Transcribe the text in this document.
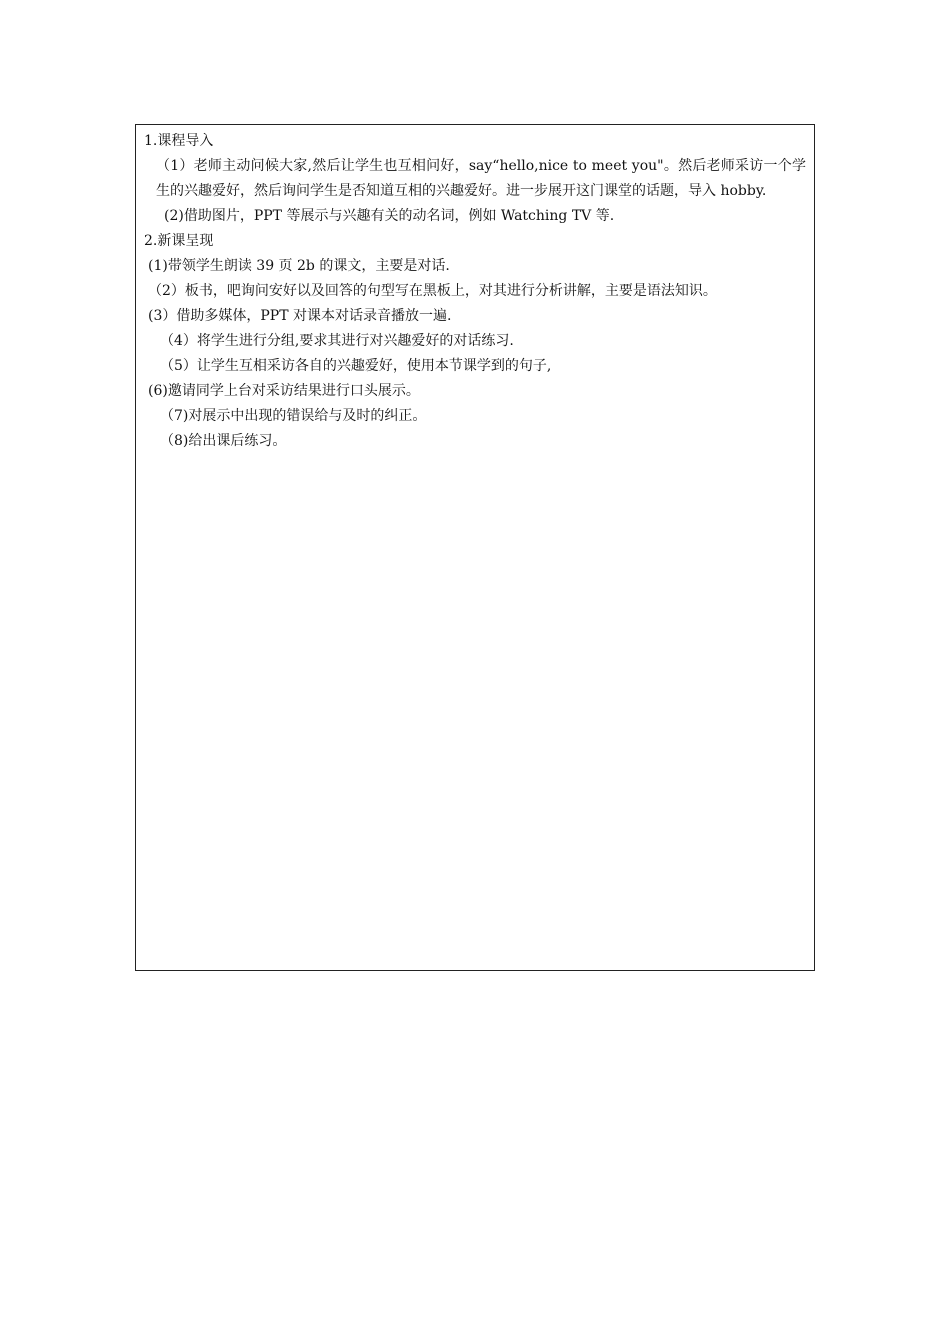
1.课程导入

（1）老师主动问候大家,然后让学生也互相问好，say“hello,nice to meet you"。然后老师采访一个学生的兴趣爱好，然后询问学生是否知道互相的兴趣爱好。进一步展开这门课堂的话题，导入 hobby.

(2)借助图片，PPT 等展示与兴趣有关的动名词，例如 Watching TV 等.

2.新课呈现

(1)带领学生朗读 39 页 2b 的课文，主要是对话.

（2）板书，吧询问安好以及回答的句型写在黑板上，对其进行分析讲解，主要是语法知识。

(3）借助多媒体，PPT 对课本对话录音播放一遍.

（4）将学生进行分组,要求其进行对兴趣爱好的对话练习.

（5）让学生互相采访各自的兴趣爱好，使用本节课学到的句子,

(6)邀请同学上台对采访结果进行口头展示。

（7)对展示中出现的错误给与及时的纠正。

（8)给出课后练习。
